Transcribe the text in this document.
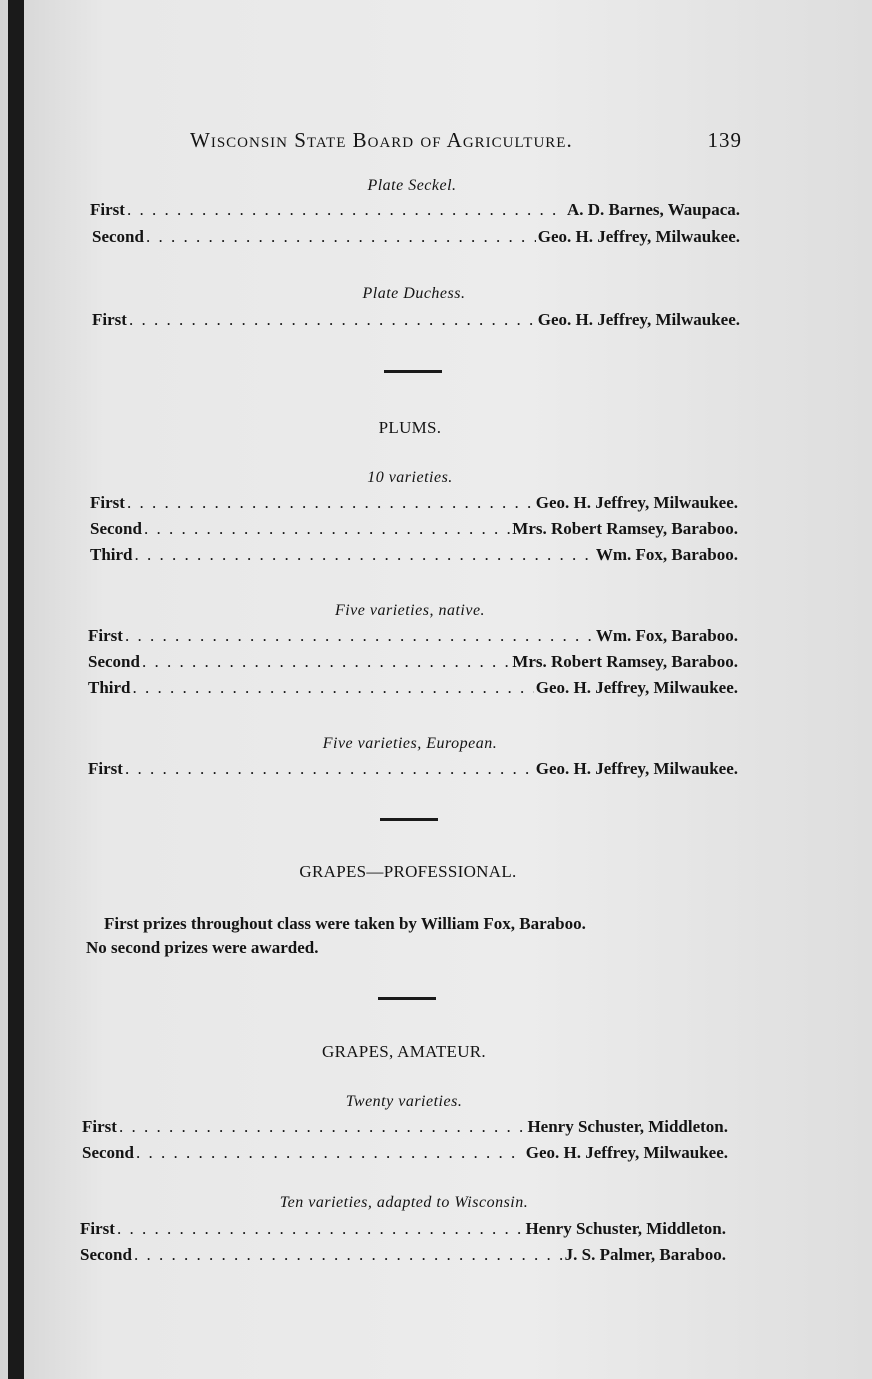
Wisconsin State Board of Agriculture.	139
Plate Seckel.
First . . .	A. D. Barnes, Waupaca.
Second . . .	Geo. H. Jeffrey, Milwaukee.
Plate Duchess.
First . . .	Geo. H. Jeffrey, Milwaukee.
PLUMS.
10 varieties.
First . . .	Geo. H. Jeffrey, Milwaukee.
Second . . .	Mrs. Robert Ramsey, Baraboo.
Third . . .	Wm. Fox, Baraboo.
Five varieties, native.
First . . .	Wm. Fox, Baraboo.
Second . . .	Mrs. Robert Ramsey, Baraboo.
Third . . .	Geo. H. Jeffrey, Milwaukee.
Five varieties, European.
First . . .	Geo. H. Jeffrey, Milwaukee.
GRAPES—PROFESSIONAL.
First prizes throughout class were taken by William Fox, Baraboo.
No second prizes were awarded.
GRAPES, AMATEUR.
Twenty varieties.
First . . .	Henry Schuster, Middleton.
Second . . .	Geo. H. Jeffrey, Milwaukee.
Ten varieties, adapted to Wisconsin.
First . . .	Henry Schuster, Middleton.
Second . . .	J. S. Palmer, Baraboo.
